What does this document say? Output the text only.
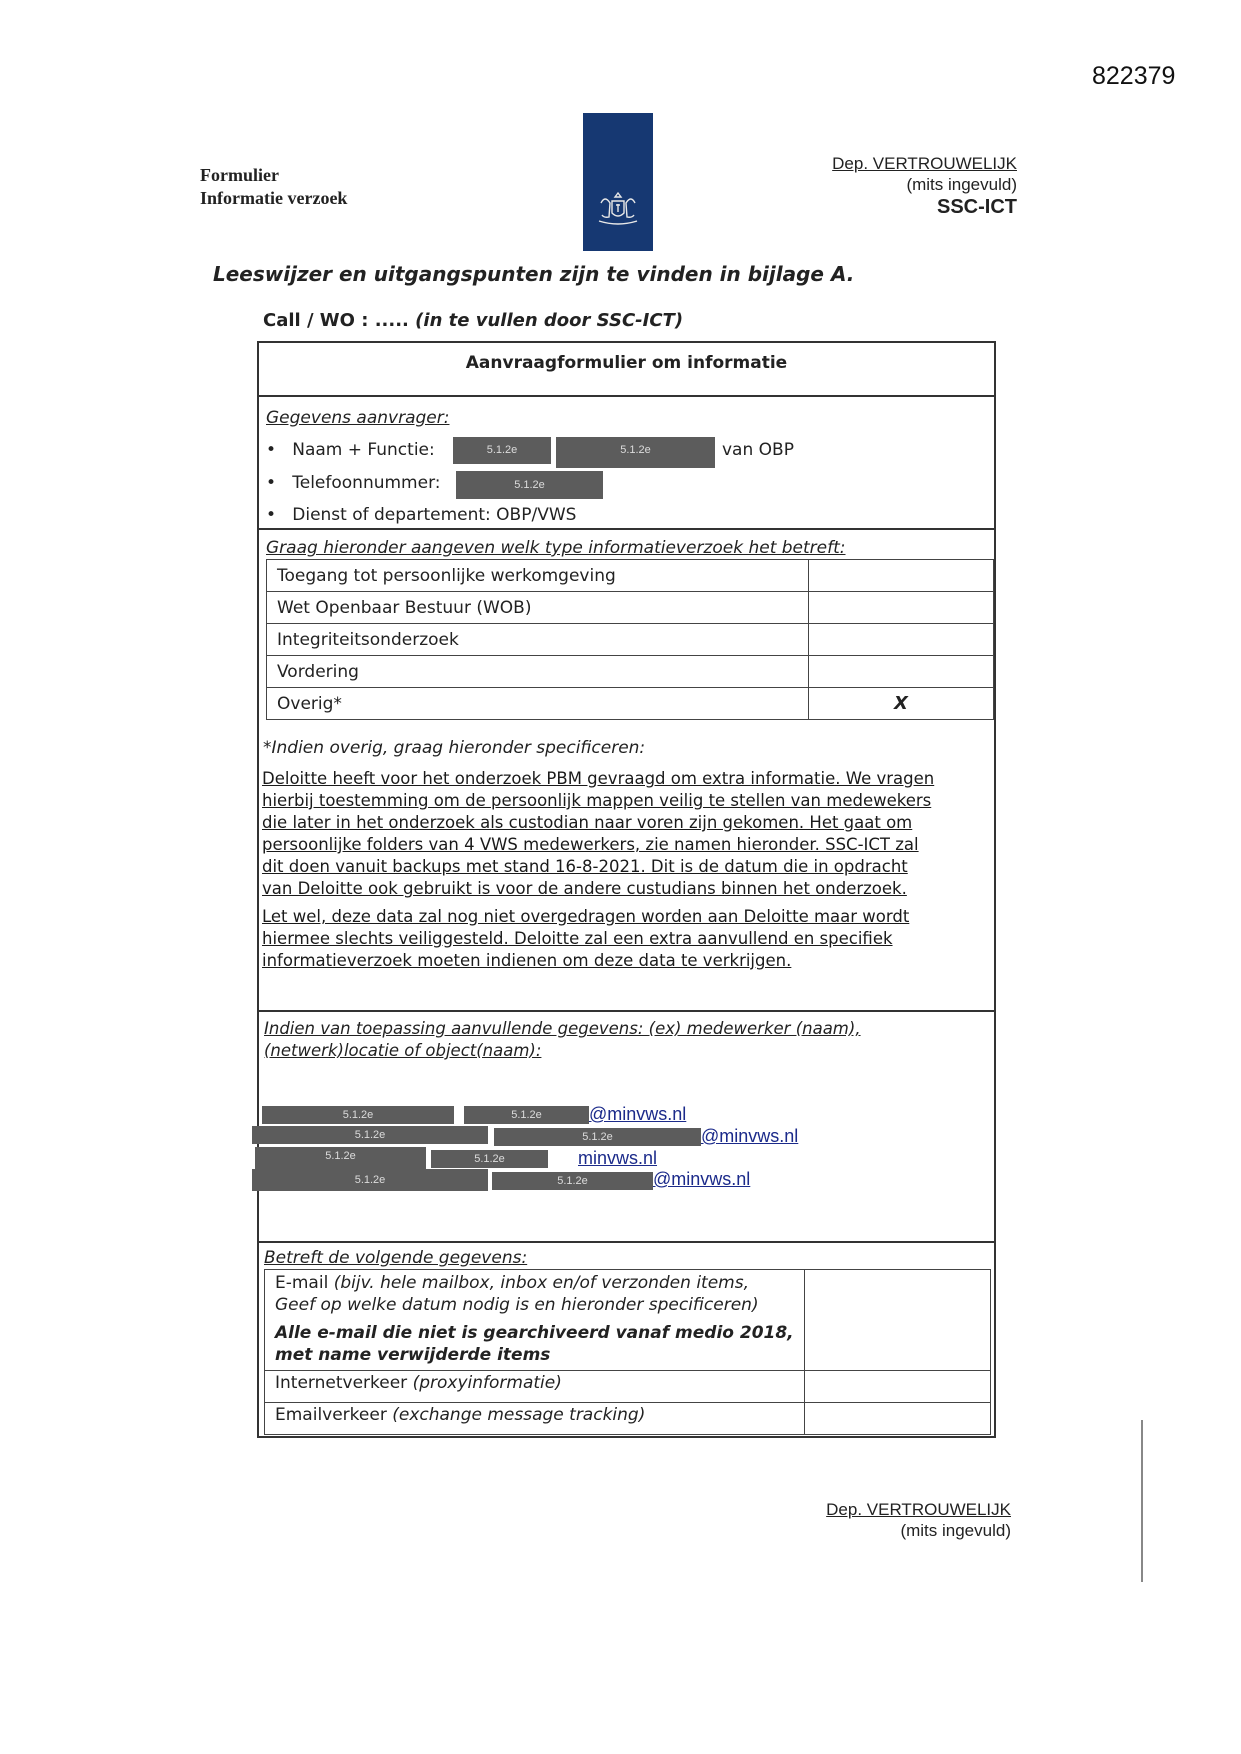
822379
Formulier
Informatie verzoek
Dep. VERTROUWELIJK
(mits ingevuld)
SSC-ICT
Leeswijzer en uitgangspunten zijn te vinden in bijlage A.
Call / WO : ..... (in te vullen door SSC-ICT)
Aanvraagformulier om informatie
Gegevens aanvrager:
• Naam + Functie:	5.1.2e	5.1.2e	van OBP
• Telefoonnummer:	5.1.2e
• Dienst of departement: OBP/VWS
Graag hieronder aangeven welk type informatieverzoek het betreft:
Toegang tot persoonlijke werkomgeving	
Wet Openbaar Bestuur (WOB)	
Integriteitsonderzoek	
Vordering	
Overig*	X
*Indien overig, graag hieronder specificeren:
Deloitte heeft voor het onderzoek PBM gevraagd om extra informatie. We vragen
hierbij toestemming om de persoonlijk mappen veilig te stellen van medewekers
die later in het onderzoek als custodian naar voren zijn gekomen. Het gaat om
persoonlijke folders van 4 VWS medewerkers, zie namen hieronder. SSC-ICT zal
dit doen vanuit backups met stand 16-8-2021. Dit is de datum die in opdracht
van Deloitte ook gebruikt is voor de andere custudians binnen het onderzoek.
Let wel, deze data zal nog niet overgedragen worden aan Deloitte maar wordt
hiermee slechts veiliggesteld. Deloitte zal een extra aanvullend en specifiek
informatieverzoek moeten indienen om deze data te verkrijgen.
Indien van toepassing aanvullende gegevens: (ex) medewerker (naam),
(netwerk)locatie of object(naam):
5.1.2e	5.1.2e	@minvws.nl
5.1.2e	5.1.2e	@minvws.nl
5.1.2e	5.1.2e	minvws.nl
5.1.2e	5.1.2e	@minvws.nl
Betreft de volgende gegevens:
E-mail (bijv. hele mailbox, inbox en/of verzonden items,
Geef op welke datum nodig is en hieronder specificeren)
Alle e-mail die niet is gearchiveerd vanaf medio 2018, met name verwijderde items	

Internetverkeer (proxyinformatie)	
Emailverkeer (exchange message tracking)	
Dep. VERTROUWELIJK
(mits ingevuld)
